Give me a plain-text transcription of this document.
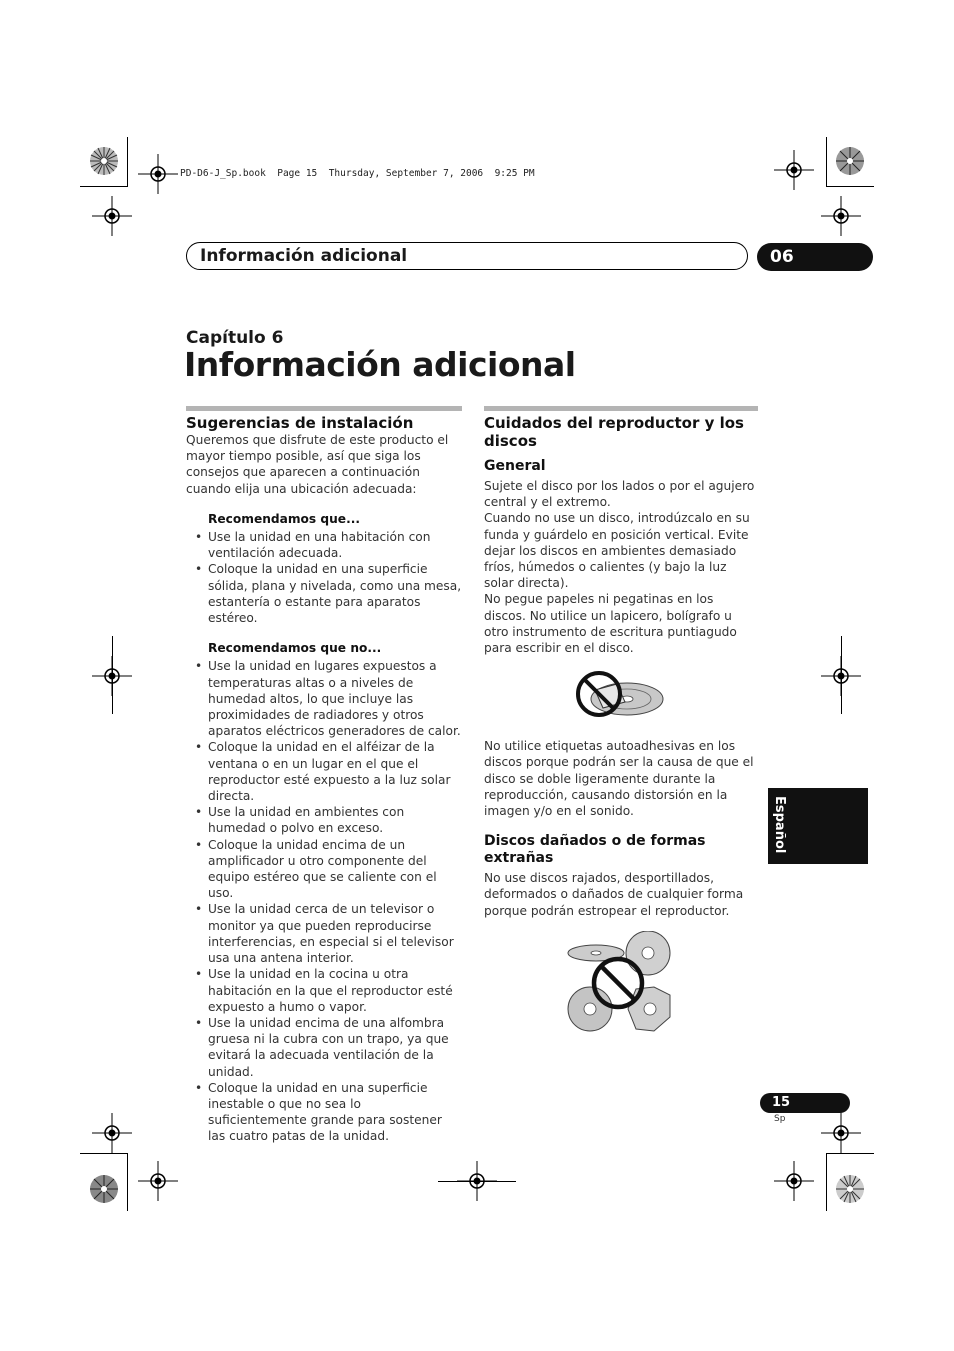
PD-D6-J_Sp.book  Page 15  Thursday, September 7, 2006  9:25 PM
Información adicional	06
Capítulo 6
Información adicional
Sugerencias de instalación

Queremos que disfrute de este producto el mayor tiempo posible, así que siga los consejos que aparecen a continuación cuando elija una ubicación adecuada:

Recomendamos que...
• Use la unidad en una habitación con ventilación adecuada.
• Coloque la unidad en una superficie sólida, plana y nivelada, como una mesa, estantería o estante para aparatos estéreo.
Recomendamos que no...
• Use la unidad en lugares expuestos a temperaturas altas o a niveles de humedad altos, lo que incluye las proximidades de radiadores y otros aparatos eléctricos generadores de calor.
• Coloque la unidad en el alféizar de la ventana o en un lugar en el que el reproductor esté expuesto a la luz solar directa.
• Use la unidad en ambientes con humedad o polvo en exceso.
• Coloque la unidad encima de un amplificador u otro componente del equipo estéreo que se caliente con el uso.
• Use la unidad cerca de un televisor o monitor ya que pueden reproducirse interferencias, en especial si el televisor usa una antena interior.
• Use la unidad en la cocina u otra habitación en la que el reproductor esté expuesto a humo o vapor.
• Use la unidad encima de una alfombra gruesa ni la cubra con un trapo, ya que evitará la adecuada ventilación de la unidad.
• Coloque la unidad en una superficie inestable o que no sea lo suficientemente grande para sostener las cuatro patas de la unidad.
Cuidados del reproductor y los discos
General

Sujete el disco por los lados o por el agujero central y el extremo.

Cuando no use un disco, introdúzcalo en su funda y guárdelo en posición vertical. Evite dejar los discos en ambientes demasiado fríos, húmedos o calientes (y bajo la luz solar directa).

No pegue papeles ni pegatinas en los discos. No utilice un lapicero, bolígrafo u otro instrumento de escritura puntiagudo para escribir en el disco.

No utilice etiquetas autoadhesivas en los discos porque podrán ser la causa de que el disco se doble ligeramente durante la reproducción, causando distorsión en la imagen y/o en el sonido.

Discos dañados o de formas extrañas

No use discos rajados, desportillados, deformados o dañados de cualquier forma porque podrán estropear el reproductor.

Español
15
Sp
